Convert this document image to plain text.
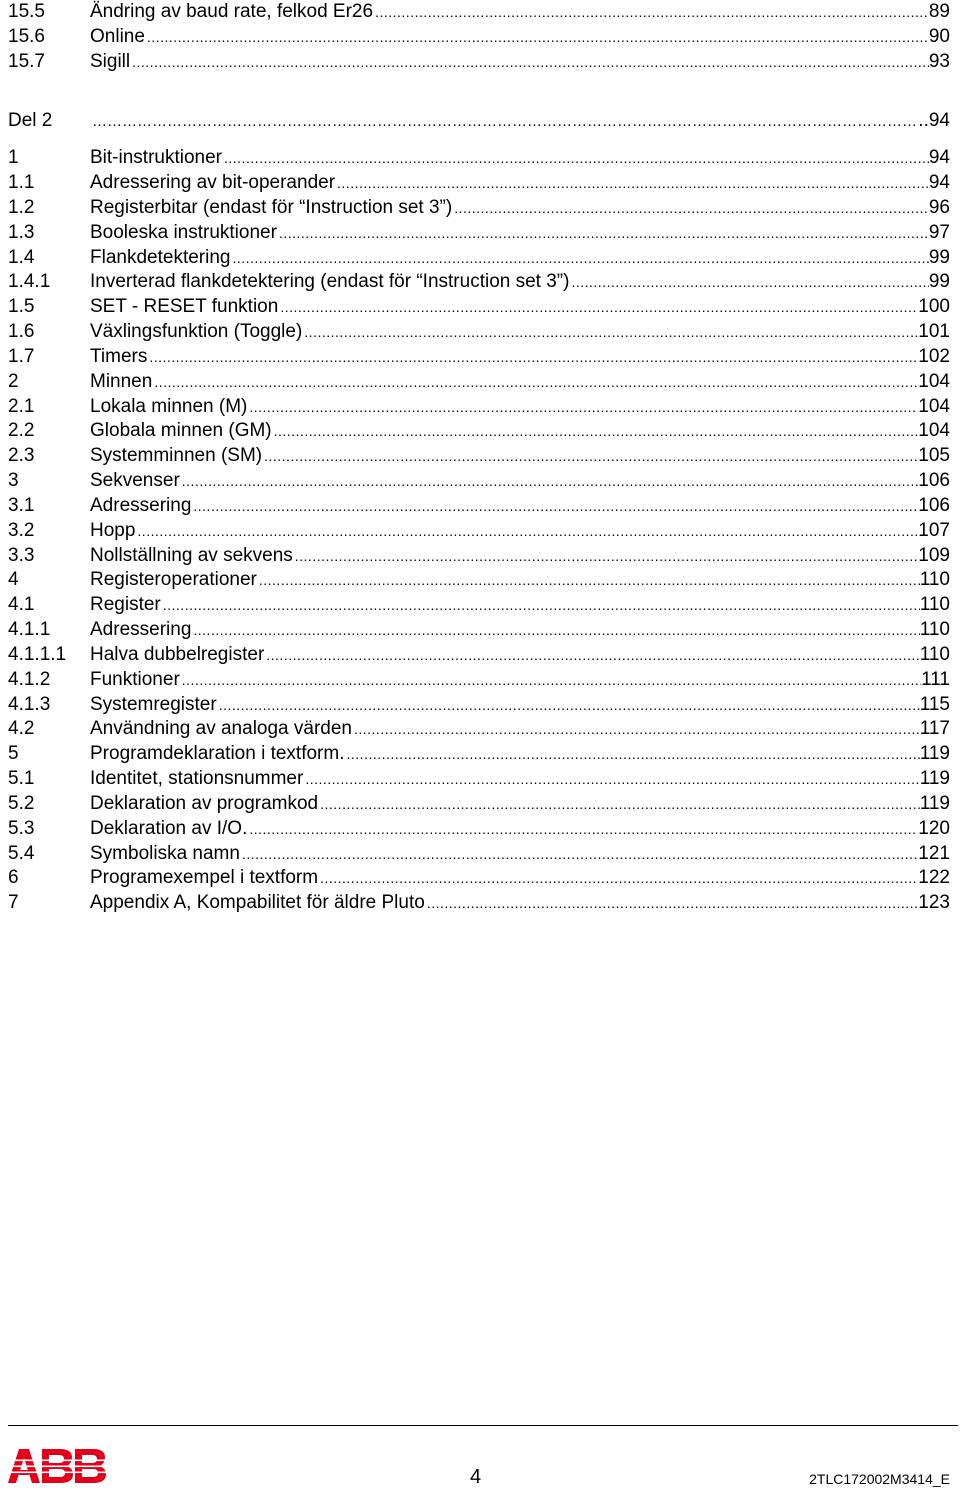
15.5	Ändring av baud rate, felkod Er26 .....	89
15.6	Online .....	90
15.7	Sigill .....	93
Del 2 ………………………………………………………………………………………………………………………………………………………………………………………………	..94
1	Bit-instruktioner .....	94
1.1	Adressering av bit-operander .....	94
1.2	Registerbitar (endast för “Instruction set 3”) .....	96
1.3	Booleska instruktioner .....	97
1.4	Flankdetektering .....	99
1.4.1	Inverterad flankdetektering (endast för “Instruction set 3”) .....	99
1.5	SET - RESET funktion .....	100
1.6	Växlingsfunktion (Toggle) .....	101
1.7	Timers .....	102
2	Minnen .....	104
2.1	Lokala minnen (M) .....	104
2.2	Globala minnen (GM) .....	104
2.3	Systemminnen (SM) .....	105
3	Sekvenser .....	106
3.1	Adressering .....	106
3.2	Hopp .....	107
3.3	Nollställning av sekvens .....	109
4	Registeroperationer .....	110
4.1	Register .....	110
4.1.1	Adressering .....	110
4.1.1.1	Halva dubbelregister .....	110
4.1.2	Funktioner .....	111
4.1.3	Systemregister .....	115
4.2	Användning av analoga värden .....	117
5	Programdeklaration i textform. .....	119
5.1	Identitet, stationsnummer .....	119
5.2	Deklaration av programkod .....	119
5.3	Deklaration av I/O. .....	120
5.4	Symboliska namn .....	121
6	Programexempel i textform .....	122
7	Appendix A, Kompabilitet för äldre Pluto .....	123
4	2TLC172002M3414_E
